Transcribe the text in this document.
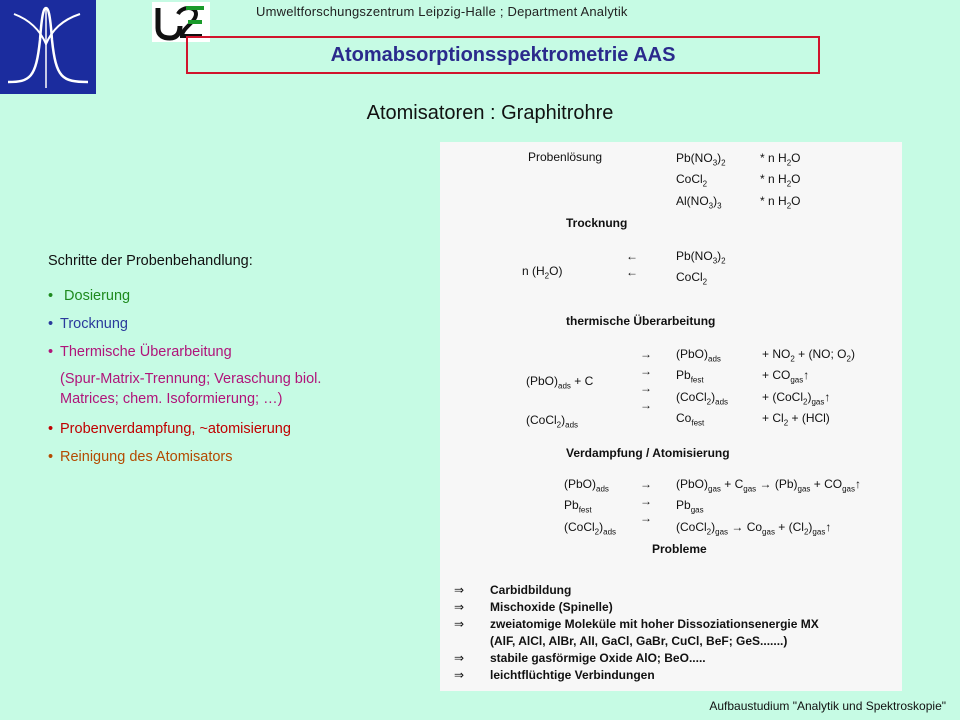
Umweltforschungszentrum Leipzig-Halle ; Department Analytik
Atomabsorptionsspektrometrie AAS
Atomisatoren : Graphitrohre
Schritte der Probenbehandlung:
• Dosierung
• Trocknung
• Thermische Überarbeitung
(Spur-Matrix-Trennung; Veraschung biol. Matrices; chem. Isoformierung; …)
• Probenverdampfung, ~atomisierung
• Reinigung des Atomisators
Probenlösung	$Pb(NO_3)_2$
CoCl$_2$
$Al(NO_3)_3$
* n $H_2O$
* n $H_2O$
* n $H_2O$
Trocknung
←
←
$Pb(NO_3)_2$
CoCl$_2$
n $(H_2O)$
thermische Überarbeitung
→
→
→
→
$(PbO)_{ads}$
$Pb_{fest}$
$(CoCl_2)_{ads}$
$Co_{fest}$
+ $NO_2 + (NO$; $O_2$)
+ $CO_{gas}↑$
+ $(CoCl_2)_{gas}↑$
+ $Cl_2 + (HCl)$
$(PbO)_{ads} + C$
$(CoCl_2)_{ads}$
Verdampfung / Atomisierung
$(PbO)_{ads}$
$Pb_{fest}$
$(CoCl_2)_{ads}$
→
→
→
$(PbO)_{gas} + C_{gas} \to (Pb)_{gas}$ + $CO_{gas}↑$
$Pb_{gas}$
$(CoCl_2)_{gas} \to Co_{gas}$ + $(Cl_2)_{gas}↑$
Probleme
⇒
⇒
⇒

⇒
⇒
Carbidbildung
Mischoxide (Spinelle)
zweiatomige Moleküle mit hoher Dissoziationsenergie MX
(AlF, AlCl, AlBr, AlI, GaCl, GaBr, CuCl, BeF; GeS.......)
stabile gasförmige Oxide AlO; BeO.....
leichtflüchtige Verbindungen
Aufbaustudium "Analytik und Spektroskopie"
